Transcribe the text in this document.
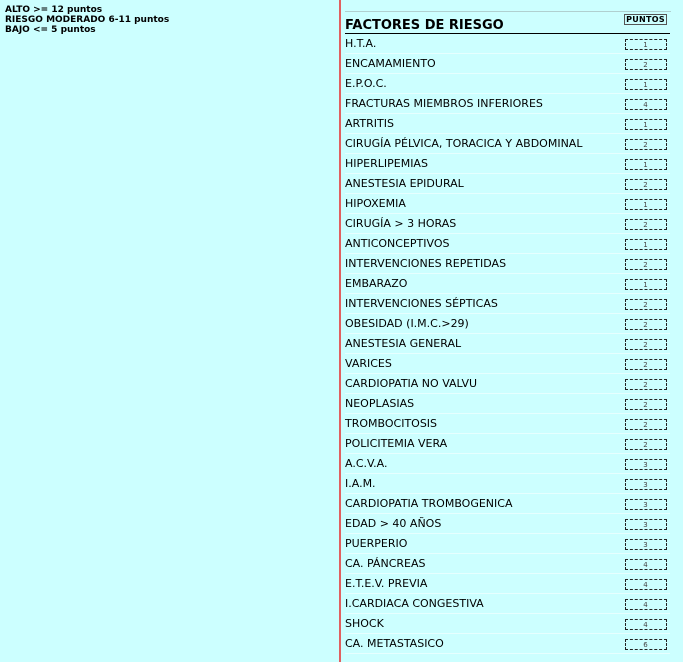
ALTO >= 12 puntos
RIESGO MODERADO 6-11 puntos
BAJO <= 5 puntos	FACTORES DE RIESGO	PUNTOS
H.T.A.	1
ENCAMAMIENTO	2
E.P.O.C.	1
FRACTURAS MIEMBROS INFERIORES	4
ARTRITIS	1
CIRUGÍA PÉLVICA, TORACICA Y ABDOMINAL	2
HIPERLIPEMIAS	1
ANESTESIA EPIDURAL	2
HIPOXEMIA	1
CIRUGÍA > 3 HORAS	2
ANTICONCEPTIVOS	1
INTERVENCIONES REPETIDAS	2
EMBARAZO	1
INTERVENCIONES SÉPTICAS	2
OBESIDAD (I.M.C.>29)	2
ANESTESIA GENERAL	2
VARICES	2
CARDIOPATIA NO VALVU	2
NEOPLASIAS	2
TROMBOCITOSIS	2
POLICITEMIA VERA	2
A.C.V.A.	3
I.A.M.	3
CARDIOPATIA TROMBOGENICA	3
EDAD > 40 AÑOS	3
PUERPERIO	3
CA. PÁNCREAS	4
E.T.E.V. PREVIA	4
I.CARDIACA CONGESTIVA	4
SHOCK	4
CA. METASTASICO	6
